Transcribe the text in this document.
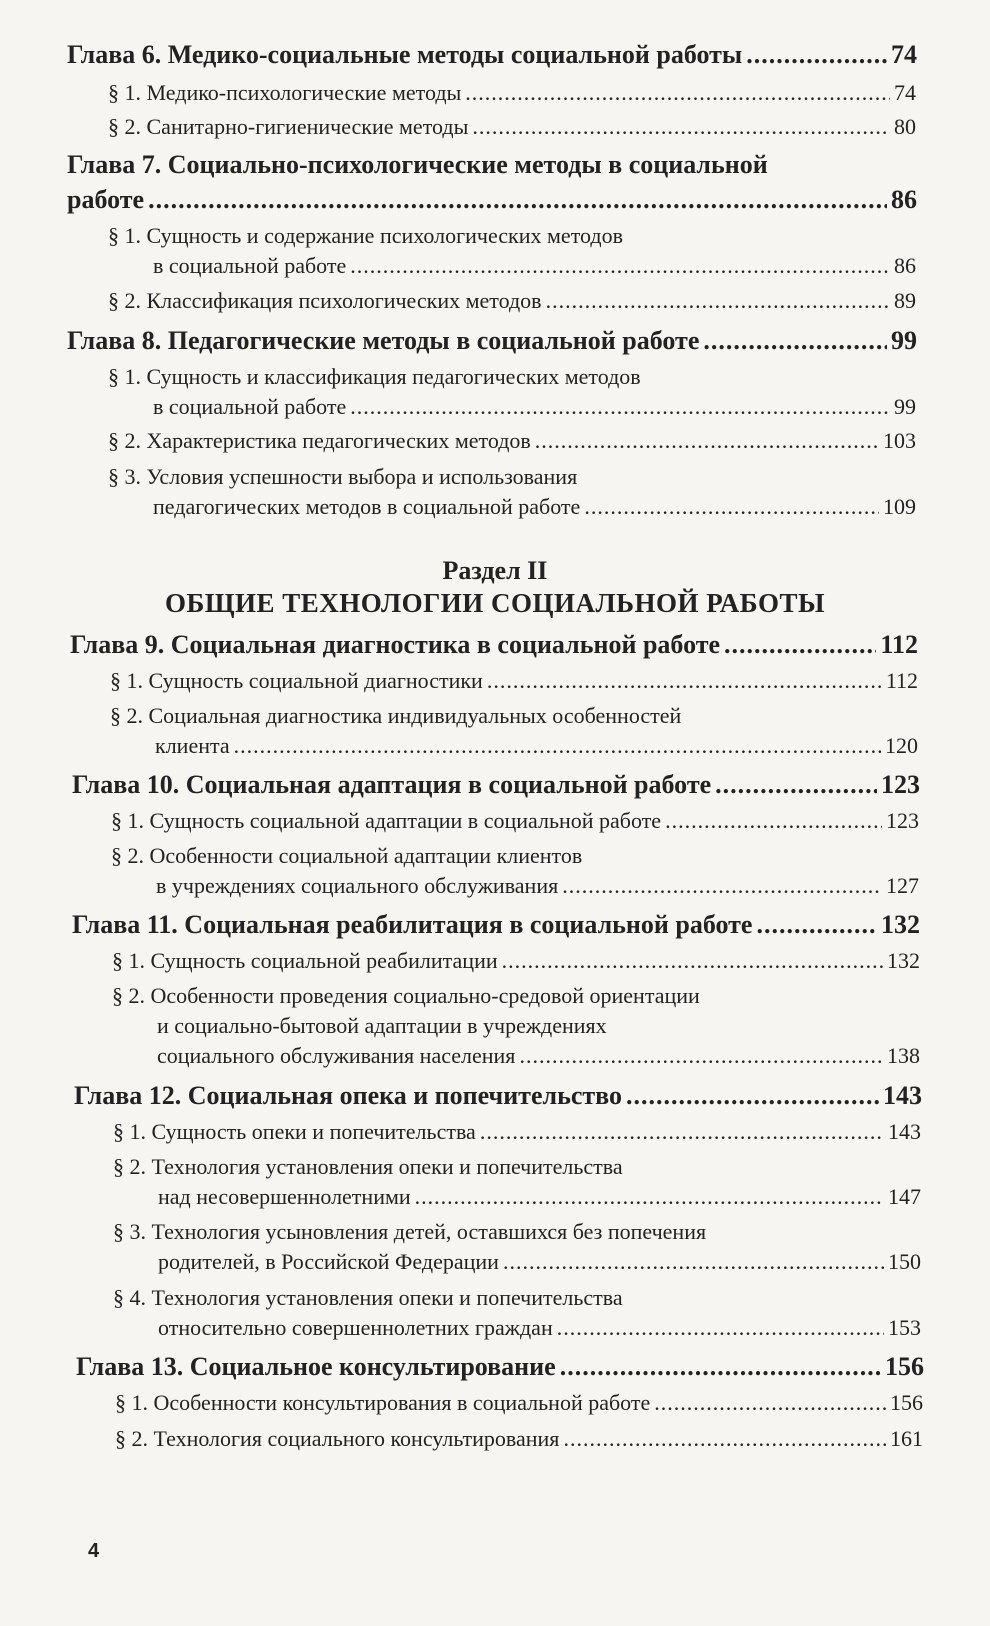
Глава 6. Медико-социальные методы социальной работы .....	74
§ 1. Медико-психологические методы .....	74
§ 2. Санитарно-гигиенические методы .....	80
Глава 7. Социально-психологические методы в социальной
работе .....	86
§ 1. Сущность и содержание психологических методов
в социальной работе .....	86
§ 2. Классификация психологических методов .....	89
Глава 8. Педагогические методы в социальной работе .....	99
§ 1. Сущность и классификация педагогических методов
в социальной работе .....	99
§ 2. Характеристика педагогических методов .....	103
§ 3. Условия успешности выбора и использования
педагогических методов в социальной работе .....	109
Раздел II
ОБЩИЕ ТЕХНОЛОГИИ СОЦИАЛЬНОЙ РАБОТЫ
Глава 9. Социальная диагностика в социальной работе .....	112
§ 1. Сущность социальной диагностики .....	112
§ 2. Социальная диагностика индивидуальных особенностей
клиента .....	120
Глава 10. Социальная адаптация в социальной работе .....	123
§ 1. Сущность социальной адаптации в социальной работе .....	123
§ 2. Особенности социальной адаптации клиентов
в учреждениях социального обслуживания .....	127
Глава 11. Социальная реабилитация в социальной работе .....	132
§ 1. Сущность социальной реабилитации .....	132
§ 2. Особенности проведения социально-средовой ориентации
и социально-бытовой адаптации в учреждениях
социального обслуживания населения .....	138
Глава 12. Социальная опека и попечительство .....	143
§ 1. Сущность опеки и попечительства .....	143
§ 2. Технология установления опеки и попечительства
над несовершеннолетними .....	147
§ 3. Технология усыновления детей, оставшихся без попечения
родителей, в Российской Федерации .....	150
§ 4. Технология установления опеки и попечительства
относительно совершеннолетних граждан .....	153
Глава 13. Социальное консультирование .....	156
§ 1. Особенности консультирования в социальной работе .....	156
§ 2. Технология социального консультирования .....	161
4
